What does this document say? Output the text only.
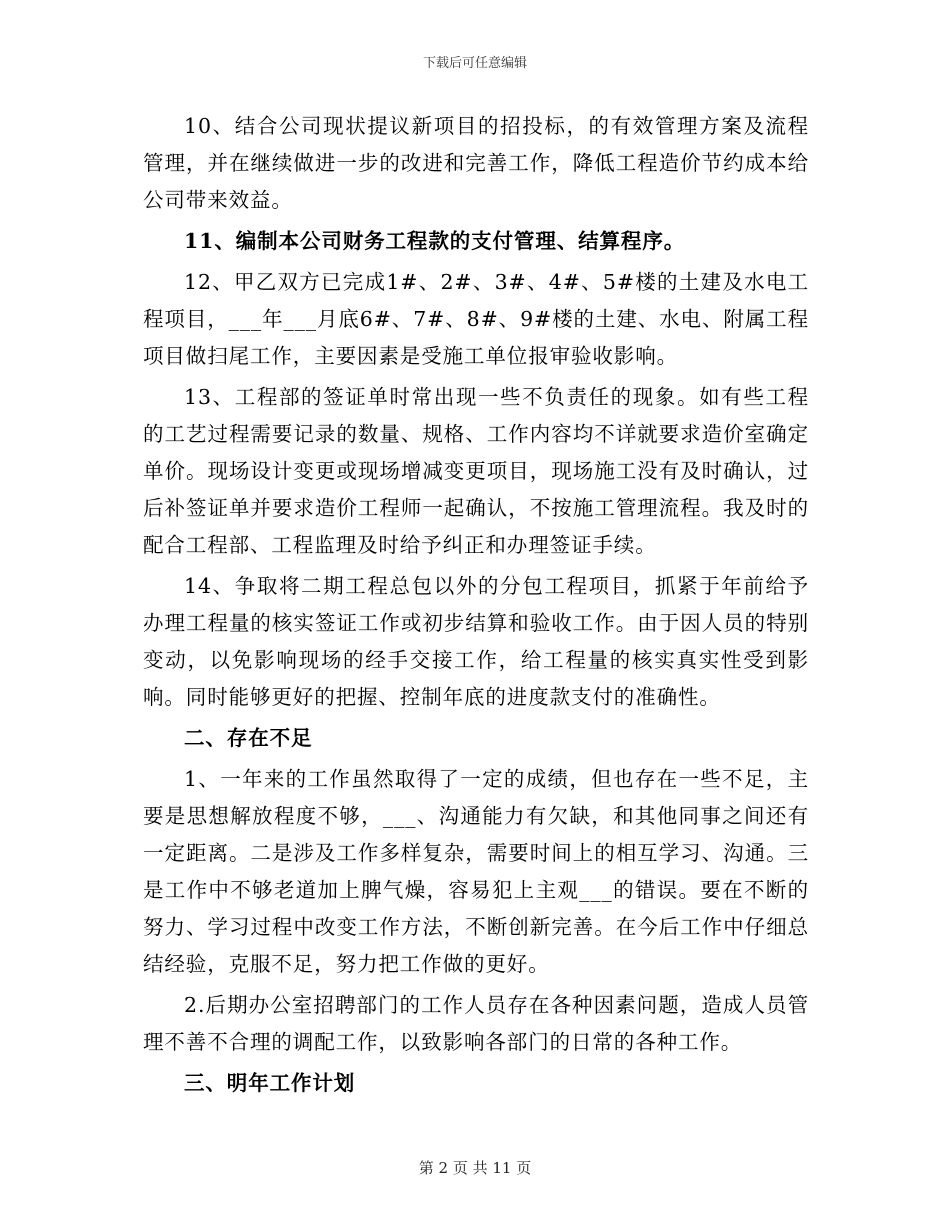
下载后可任意编辑

10、结合公司现状提议新项目的招投标，的有效管理方案及流程管理，并在继续做进一步的改进和完善工作，降低工程造价节约成本给公司带来效益。

11、编制本公司财务工程款的支付管理、结算程序。

12、甲乙双方已完成1#、2#、3#、4#、5#楼的土建及水电工程项目，___年___月底6#、7#、8#、9#楼的土建、水电、附属工程项目做扫尾工作，主要因素是受施工单位报审验收影响。

13、工程部的签证单时常出现一些不负责任的现象。如有些工程的工艺过程需要记录的数量、规格、工作内容均不详就要求造价室确定单价。现场设计变更或现场增减变更项目，现场施工没有及时确认，过后补签证单并要求造价工程师一起确认，不按施工管理流程。我及时的配合工程部、工程监理及时给予纠正和办理签证手续。

14、争取将二期工程总包以外的分包工程项目，抓紧于年前给予办理工程量的核实签证工作或初步结算和验收工作。由于因人员的特别变动，以免影响现场的经手交接工作，给工程量的核实真实性受到影响。同时能够更好的把握、控制年底的进度款支付的准确性。

二、存在不足

1、一年来的工作虽然取得了一定的成绩，但也存在一些不足，主要是思想解放程度不够，___、沟通能力有欠缺，和其他同事之间还有一定距离。二是涉及工作多样复杂，需要时间上的相互学习、沟通。三是工作中不够老道加上脾气燥，容易犯上主观___的错误。要在不断的努力、学习过程中改变工作方法，不断创新完善。在今后工作中仔细总结经验，克服不足，努力把工作做的更好。

2.后期办公室招聘部门的工作人员存在各种因素问题，造成人员管理不善不合理的调配工作，以致影响各部门的日常的各种工作。

三、明年工作计划

第 2 页 共 11 页
